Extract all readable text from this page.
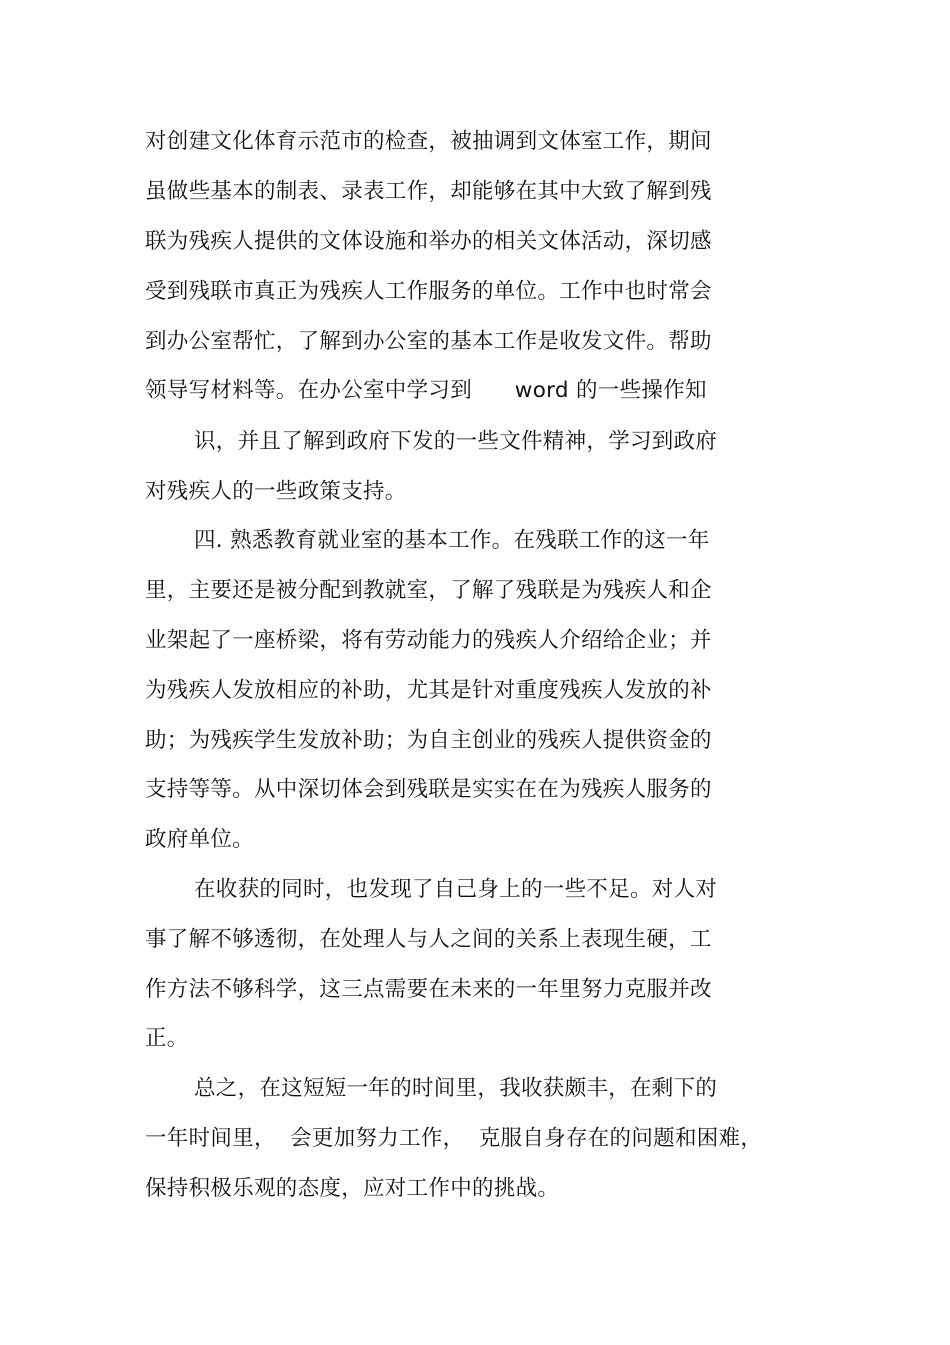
对创建文化体育示范市的检查，被抽调到文体室工作，期间
虽做些基本的制表、录表工作，却能够在其中大致了解到残
联为残疾人提供的文体设施和举办的相关文体活动，深切感
受到残联市真正为残疾人工作服务的单位。工作中也时常会
到办公室帮忙，了解到办公室的基本工作是收发文件。帮助
领导写材料等。在办公室中学习到      word 的一些操作知
识，并且了解到政府下发的一些文件精神，学习到政府
对残疾人的一些政策支持。
四. 熟悉教育就业室的基本工作。在残联工作的这一年
里，主要还是被分配到教就室，了解了残联是为残疾人和企
业架起了一座桥梁，将有劳动能力的残疾人介绍给企业；并
为残疾人发放相应的补助，尤其是针对重度残疾人发放的补
助；为残疾学生发放补助；为自主创业的残疾人提供资金的
支持等等。从中深切体会到残联是实实在在为残疾人服务的
政府单位。
在收获的同时，也发现了自己身上的一些不足。对人对
事了解不够透彻，在处理人与人之间的关系上表现生硬，工
作方法不够科学，这三点需要在未来的一年里努力克服并改
正。
总之，在这短短一年的时间里，我收获颇丰，在剩下的
一年时间里，  会更加努力工作，  克服自身存在的问题和困难，
保持积极乐观的态度，应对工作中的挑战。
